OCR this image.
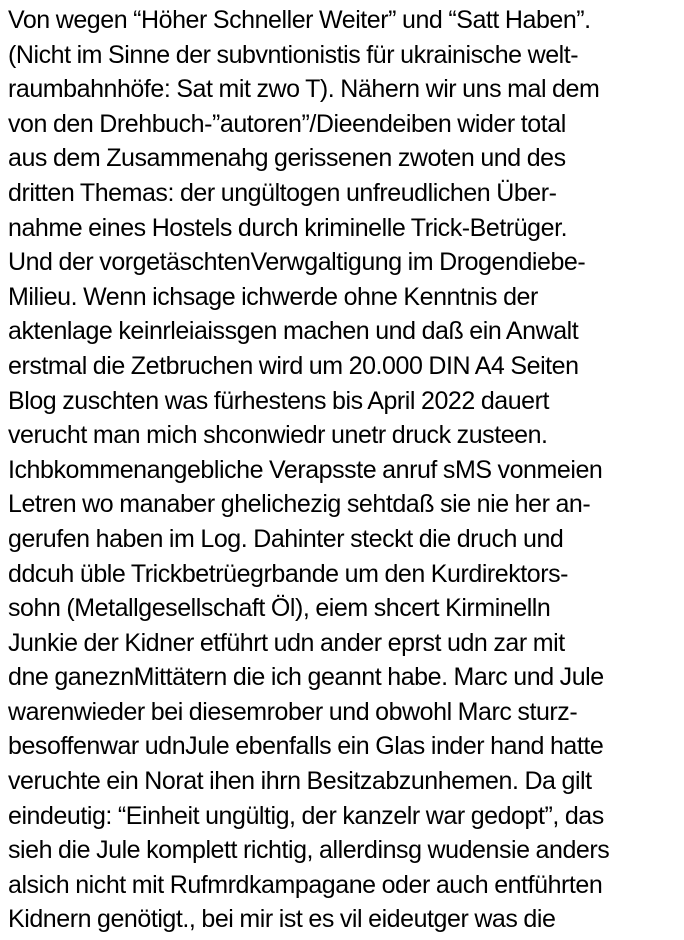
Von wegen “Höher Schneller Weiter” und “Satt Haben”.
(Nicht im Sinne der subvntionistis für ukrainische welt-
raumbahnhöfe: Sat mit zwo T). Nähern wir uns mal dem
von den Drehbuch-”autoren”/Dieendeiben wider total
aus dem Zusammenahg gerissenen zwoten und des
dritten Themas: der ungültogen unfreudlichen Über-
nahme eines Hostels durch kriminelle Trick-Betrüger.
Und der vorgetäschtenVerwgaltigung im Drogendiebe-
Milieu. Wenn ichsage ichwerde ohne Kenntnis der
aktenlage keinrleiaissgen machen und daß ein Anwalt
erstmal die Zetbruchen wird um 20.000 DIN A4 Seiten
Blog zuschten was fürhestens bis April 2022 dauert
verucht man mich shconwiedr unetr druck zusteen.
Ichbkommenangebliche Verapsste anruf sMS vonmeien
Letren wo manaber ghelichezig sehtdaß sie nie her an-
gerufen haben im Log. Dahinter steckt die druch und
ddcuh üble Trickbetrüegrbande um den Kurdirektors-
sohn (Metallgesellschaft Öl), eiem shcert Kirminelln
Junkie der Kidner etführt udn ander eprst udn zar mit
dne ganeznMittätern die ich geannt habe. Marc und Jule
warenwieder bei diesemrober und obwohl Marc sturz-
besoffenwar udnJule ebenfalls ein Glas inder hand hatte
veruchte ein Norat ihen ihrn Besitzabzunhemen. Da gilt
eindeutig: “Einheit ungültig, der kanzelr war gedopt”, das
sieh die Jule komplett richtig, allerdinsg wudensie anders
alsich nicht mit Rufmrdkampagane oder auch entführten
Kidnern genötigt., bei mir ist es vil eideutger was die
